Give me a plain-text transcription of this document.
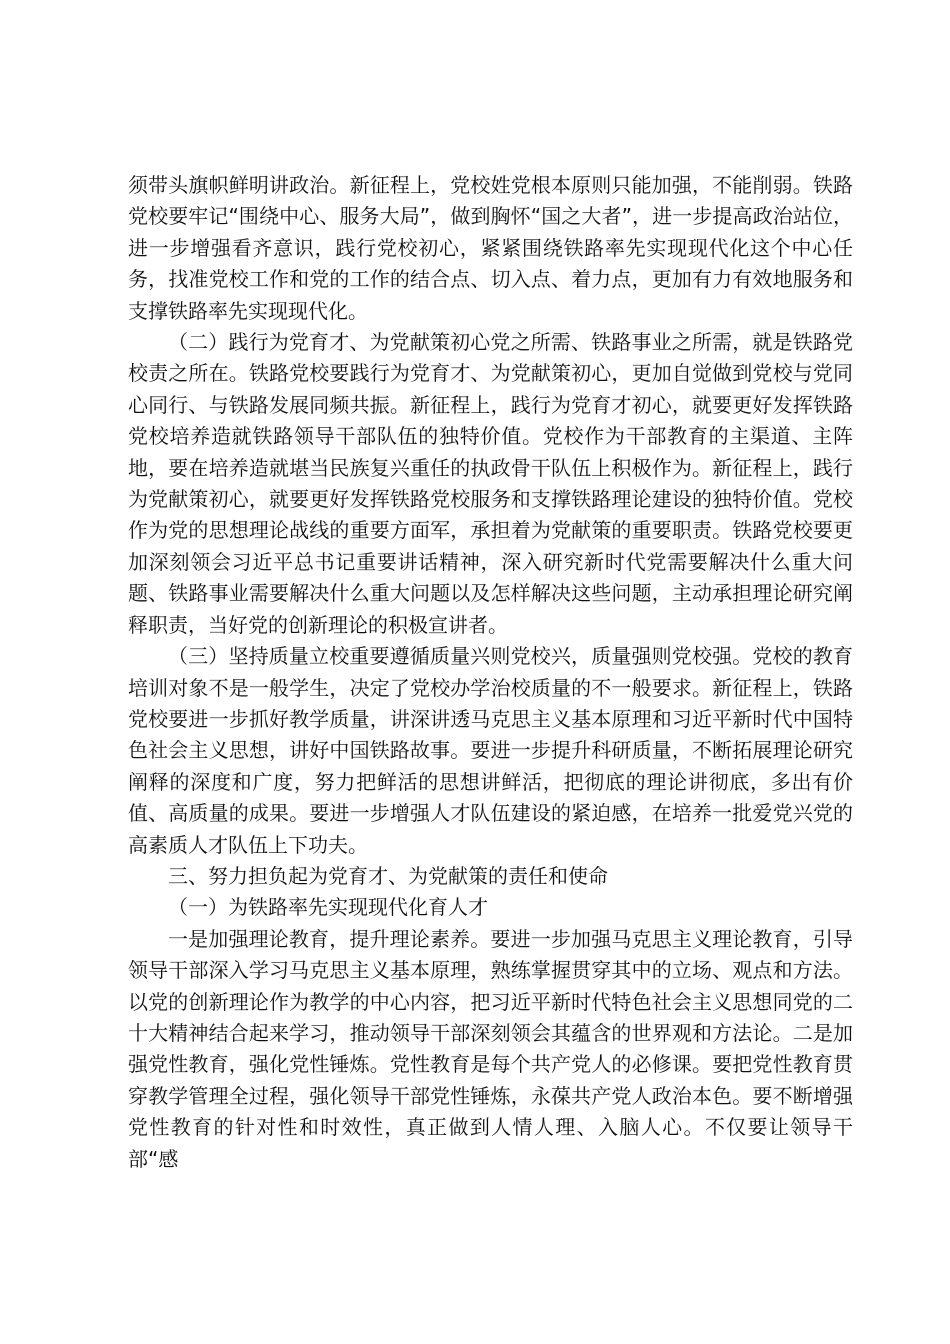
须带头旗帜鲜明讲政治。新征程上，党校姓党根本原则只能加强，不能削弱。铁路党校要牢记“围绕中心、服务大局”，做到胸怀“国之大者”，进一步提高政治站位，进一步增强看齐意识，践行党校初心，紧紧围绕铁路率先实现现代化这个中心任务，找准党校工作和党的工作的结合点、切入点、着力点，更加有力有效地服务和支撑铁路率先实现现代化。

（二）践行为党育才、为党献策初心党之所需、铁路事业之所需，就是铁路党校责之所在。铁路党校要践行为党育才、为党献策初心，更加自觉做到党校与党同心同行、与铁路发展同频共振。新征程上，践行为党育才初心，就要更好发挥铁路党校培养造就铁路领导干部队伍的独特价值。党校作为干部教育的主渠道、主阵地，要在培养造就堪当民族复兴重任的执政骨干队伍上积极作为。新征程上，践行为党献策初心，就要更好发挥铁路党校服务和支撑铁路理论建设的独特价值。党校作为党的思想理论战线的重要方面军，承担着为党献策的重要职责。铁路党校要更加深刻领会习近平总书记重要讲话精神，深入研究新时代党需要解决什么重大问题、铁路事业需要解决什么重大问题以及怎样解决这些问题，主动承担理论研究阐释职责，当好党的创新理论的积极宣讲者。

（三）坚持质量立校重要遵循质量兴则党校兴，质量强则党校强。党校的教育培训对象不是一般学生，决定了党校办学治校质量的不一般要求。新征程上，铁路党校要进一步抓好教学质量，讲深讲透马克思主义基本原理和习近平新时代中国特色社会主义思想，讲好中国铁路故事。要进一步提升科研质量，不断拓展理论研究阐释的深度和广度，努力把鲜活的思想讲鲜活，把彻底的理论讲彻底，多出有价值、高质量的成果。要进一步增强人才队伍建设的紧迫感，在培养一批爱党兴党的高素质人才队伍上下功夫。

三、努力担负起为党育才、为党献策的责任和使命

（一）为铁路率先实现现代化育人才

一是加强理论教育，提升理论素养。要进一步加强马克思主义理论教育，引导领导干部深入学习马克思主义基本原理，熟练掌握贯穿其中的立场、观点和方法。以党的创新理论作为教学的中心内容，把习近平新时代特色社会主义思想同党的二十大精神结合起来学习，推动领导干部深刻领会其蕴含的世界观和方法论。二是加强党性教育，强化党性锤炼。党性教育是每个共产党人的必修课。要把党性教育贯穿教学管理全过程，强化领导干部党性锤炼，永葆共产党人政治本色。要不断增强党性教育的针对性和时效性，真正做到人情人理、入脑人心。不仅要让领导干部“感
